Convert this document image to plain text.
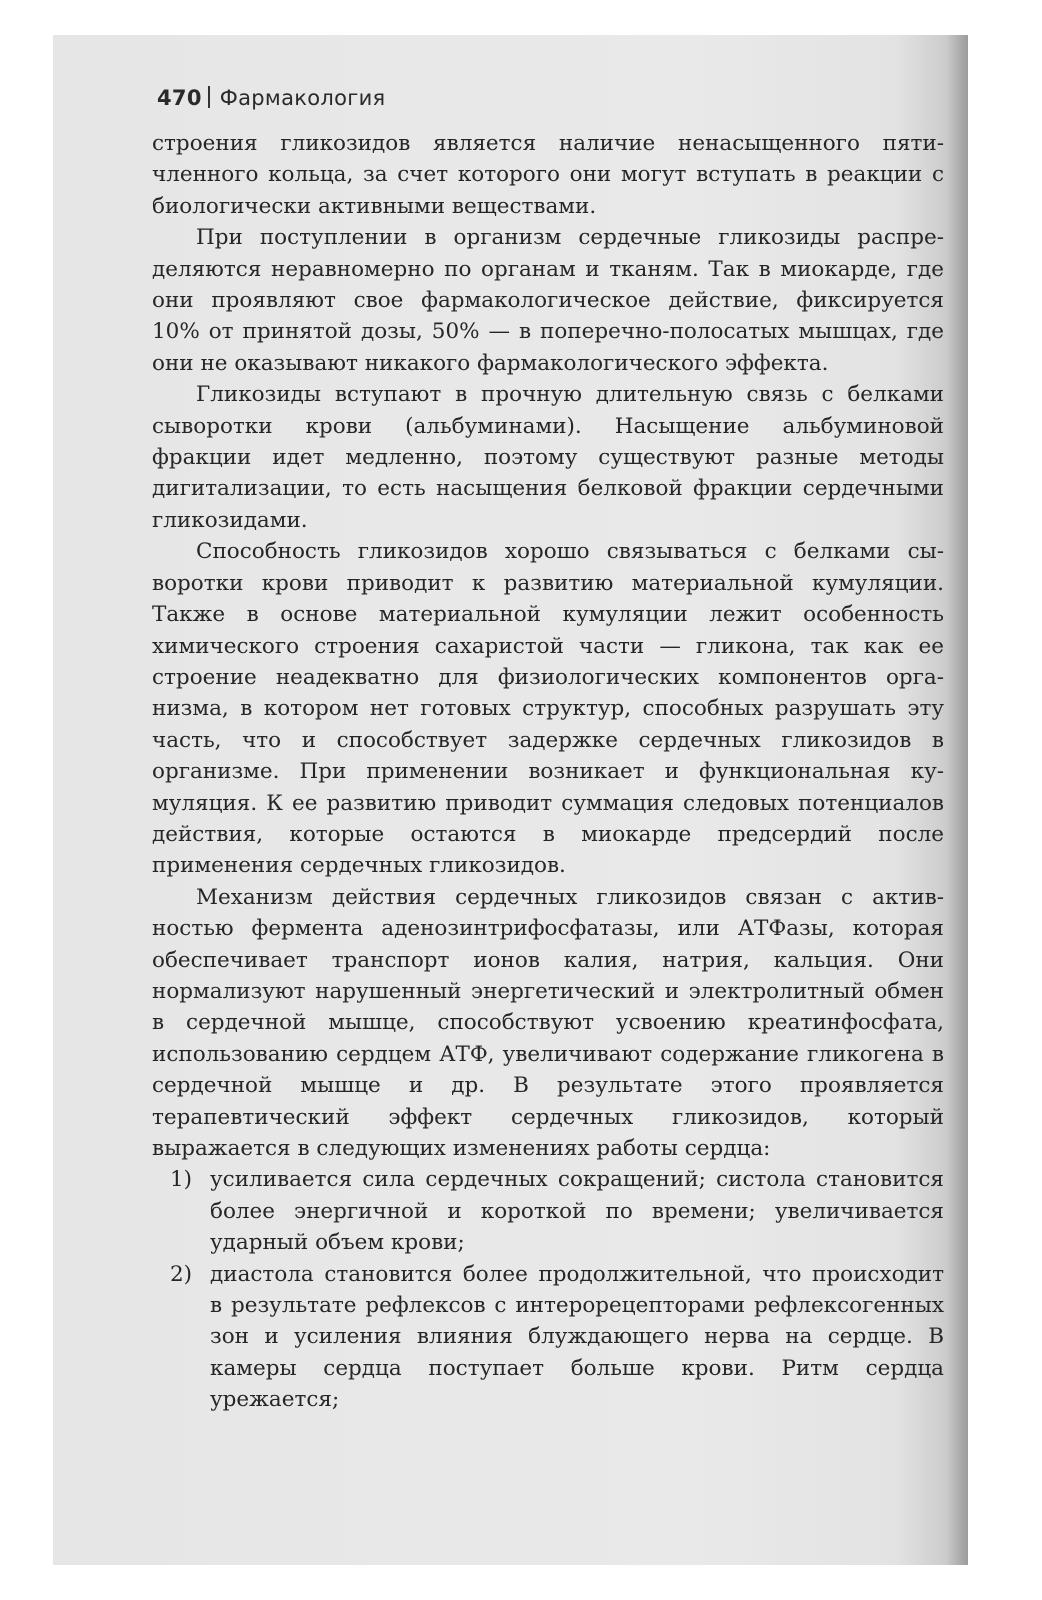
470 Фармакология

строения гликозидов является наличие ненасыщенного пятичленного кольца, за счет которого они могут вступать в реакции с биологически активными веществами.

При поступлении в организм сердечные гликозиды распределяются неравномерно по органам и тканям. Так в миокарде, где они проявляют свое фармакологическое действие, фиксируется 10% от принятой дозы, 50% — в поперечно-полосатых мышцах, где они не оказывают никакого фармакологического эффекта.

Гликозиды вступают в прочную длительную связь с белками сыворотки крови (альбуминами). Насыщение альбуминовой фракции идет медленно, поэтому существуют разные методы дигитализации, то есть насыщения белковой фракции сердечными гликозидами.

Способность гликозидов хорошо связываться с белками сыворотки крови приводит к развитию материальной кумуляции. Также в основе материальной кумуляции лежит особенность химического строения сахаристой части — гликона, так как ее строение неадекватно для физиологических компонентов организма, в котором нет готовых структур, способных разрушать эту часть, что и способствует задержке сердечных гликозидов в организме. При применении возникает и функциональная кумуляция. К ее развитию приводит суммация следовых потенциалов действия, которые остаются в миокарде предсердий после применения сердечных гликозидов.

Механизм действия сердечных гликозидов связан с активностью фермента аденозинтрифосфатазы, или АТФазы, которая обеспечивает транспорт ионов калия, натрия, кальция. Они нормализуют нарушенный энергетический и электролитный обмен в сердечной мышце, способствуют усвоению креатинфосфата, использованию сердцем АТФ, увеличивают содержание гликогена в сердечной мышце и др. В результате этого проявляется терапевтический эффект сердечных гликозидов, который выражается в следующих изменениях работы сердца:

1) усиливается сила сердечных сокращений; систола становится более энергичной и короткой по времени; увеличивается ударный объем крови;
2) диастола становится более продолжительной, что происходит в результате рефлексов с интерорецепторами рефлексогенных зон и усиления влияния блуждающего нерва на сердце. В камеры сердца поступает больше крови. Ритм сердца урежается;
